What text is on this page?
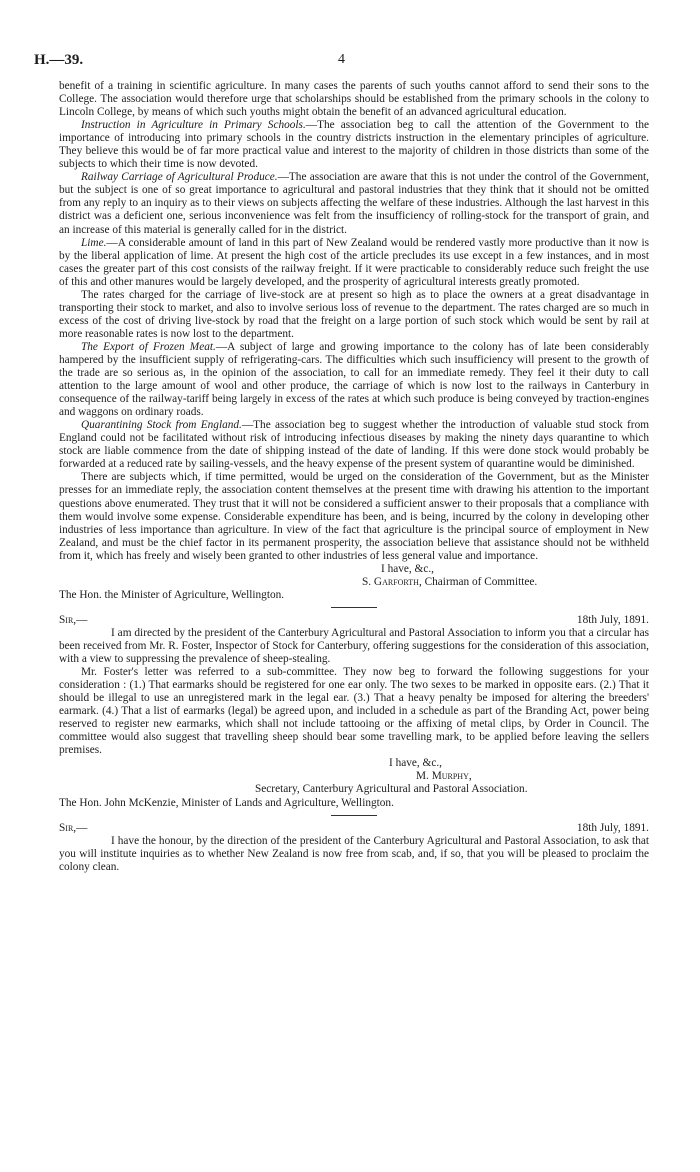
H.—39.	4

benefit of a training in scientific agriculture. In many cases the parents of such youths cannot afford to send their sons to the College. The association would therefore urge that scholarships should be established from the primary schools in the colony to Lincoln College, by means of which such youths might obtain the benefit of an advanced agricultural education.

Instruction in Agriculture in Primary Schools.—The association beg to call the attention of the Government to the importance of introducing into primary schools in the country districts instruction in the elementary principles of agriculture. They believe this would be of far more practical value and interest to the majority of children in those districts than some of the subjects to which their time is now devoted.

Railway Carriage of Agricultural Produce.—The association are aware that this is not under the control of the Government, but the subject is one of so great importance to agricultural and pastoral industries that they think that it should not be omitted from any reply to an inquiry as to their views on subjects affecting the welfare of these industries. Although the last harvest in this district was a deficient one, serious inconvenience was felt from the insufficiency of rolling-stock for the transport of grain, and an increase of this material is generally called for in the district.

Lime.—A considerable amount of land in this part of New Zealand would be rendered vastly more productive than it now is by the liberal application of lime. At present the high cost of the article precludes its use except in a few instances, and in most cases the greater part of this cost consists of the railway freight. If it were practicable to considerably reduce such freight the use of this and other manures would be largely developed, and the prosperity of agricultural interests greatly promoted.

The rates charged for the carriage of live-stock are at present so high as to place the owners at a great disadvantage in transporting their stock to market, and also to involve serious loss of revenue to the department. The rates charged are so much in excess of the cost of driving live-stock by road that the freight on a large portion of such stock which would be sent by rail at more reasonable rates is now lost to the department.

The Export of Frozen Meat.—A subject of large and growing importance to the colony has of late been considerably hampered by the insufficient supply of refrigerating-cars. The difficulties which such insufficiency will present to the growth of the trade are so serious as, in the opinion of the association, to call for an immediate remedy. They feel it their duty to call attention to the large amount of wool and other produce, the carriage of which is now lost to the railways in Canterbury in consequence of the railway-tariff being largely in excess of the rates at which such produce is being conveyed by traction-engines and waggons on ordinary roads.

Quarantining Stock from England.—The association beg to suggest whether the introduction of valuable stud stock from England could not be facilitated without risk of introducing infectious diseases by making the ninety days quarantine to which stock are liable commence from the date of shipping instead of the date of landing. If this were done stock would probably be forwarded at a reduced rate by sailing-vessels, and the heavy expense of the present system of quarantine would be diminished.

There are subjects which, if time permitted, would be urged on the consideration of the Government, but as the Minister presses for an immediate reply, the association content themselves at the present time with drawing his attention to the important questions above enumerated. They trust that it will not be considered a sufficient answer to their proposals that a compliance with them would involve some expense. Considerable expenditure has been, and is being, incurred by the colony in developing other industries of less importance than agriculture. In view of the fact that agriculture is the principal source of employment in New Zealand, and must be the chief factor in its permanent prosperity, the association believe that assistance should not be withheld from it, which has freely and wisely been granted to other industries of less general value and importance.

I have, &c.,

S. Garforth, Chairman of Committee.

The Hon. the Minister of Agriculture, Wellington.

Sir,—	18th July, 1891.

I am directed by the president of the Canterbury Agricultural and Pastoral Association to inform you that a circular has been received from Mr. R. Foster, Inspector of Stock for Canterbury, offering suggestions for the consideration of this association, with a view to suppressing the prevalence of sheep-stealing.

Mr. Foster's letter was referred to a sub-committee. They now beg to forward the following suggestions for your consideration : (1.) That earmarks should be registered for one ear only. The two sexes to be marked in opposite ears. (2.) That it should be illegal to use an unregistered mark in the legal ear. (3.) That a heavy penalty be imposed for altering the breeders' earmark. (4.) That a list of earmarks (legal) be agreed upon, and included in a schedule as part of the Branding Act, power being reserved to register new earmarks, which shall not include tattooing or the affixing of metal clips, by Order in Council. The committee would also suggest that travelling sheep should bear some travelling mark, to be applied before leaving the sellers premises.

I have, &c.,

M. Murphy,

Secretary, Canterbury Agricultural and Pastoral Association.

The Hon. John McKenzie, Minister of Lands and Agriculture, Wellington.

Sir,—	18th July, 1891.

I have the honour, by the direction of the president of the Canterbury Agricultural and Pastoral Association, to ask that you will institute inquiries as to whether New Zealand is now free from scab, and, if so, that you will be pleased to proclaim the colony clean.
